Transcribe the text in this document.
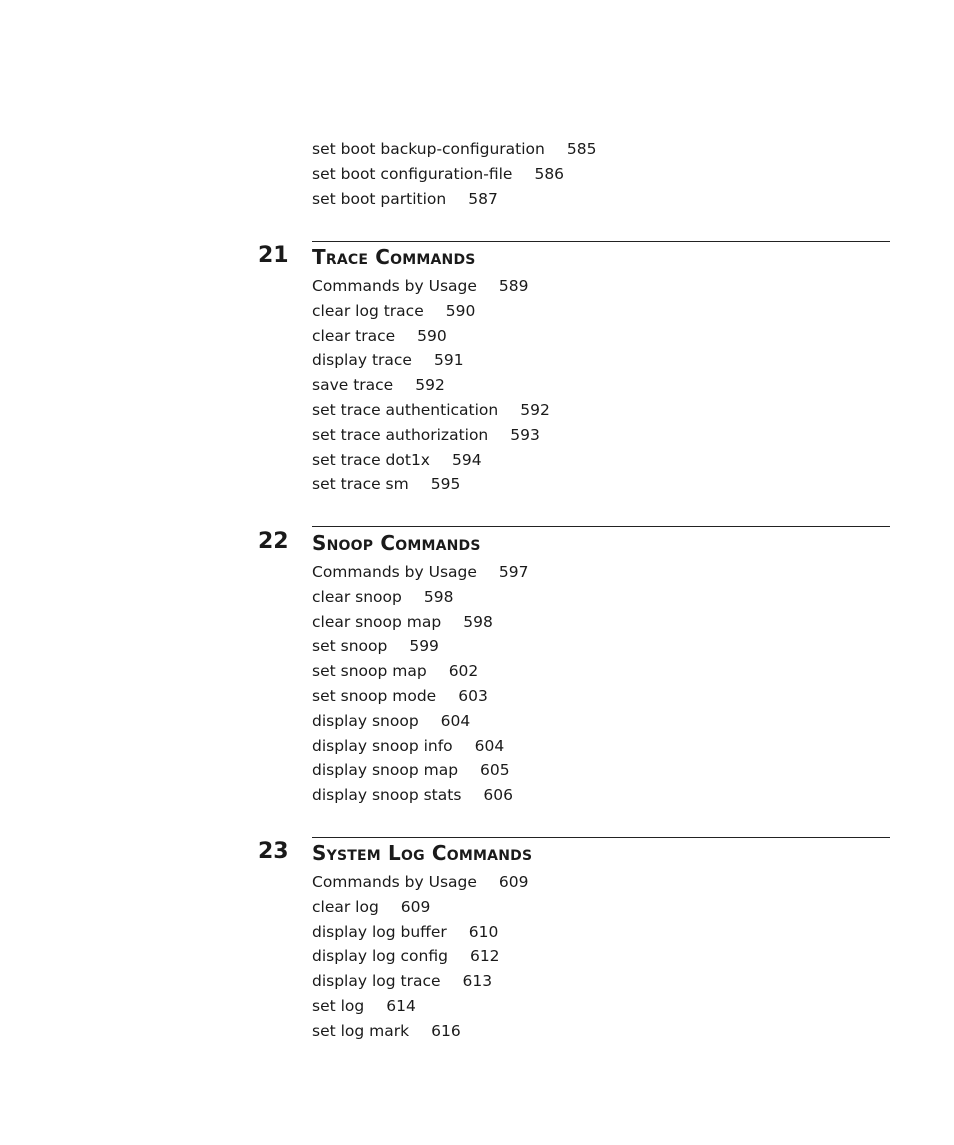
set boot backup-configuration 585
set boot configuration-file 586
set boot partition 587
21 Trace Commands
Commands by Usage 589
clear log trace 590
clear trace 590
display trace 591
save trace 592
set trace authentication 592
set trace authorization 593
set trace dot1x 594
set trace sm 595
22 Snoop Commands
Commands by Usage 597
clear snoop 598
clear snoop map 598
set snoop 599
set snoop map 602
set snoop mode 603
display snoop 604
display snoop info 604
display snoop map 605
display snoop stats 606
23 System Log Commands
Commands by Usage 609
clear log 609
display log buffer 610
display log config 612
display log trace 613
set log 614
set log mark 616
